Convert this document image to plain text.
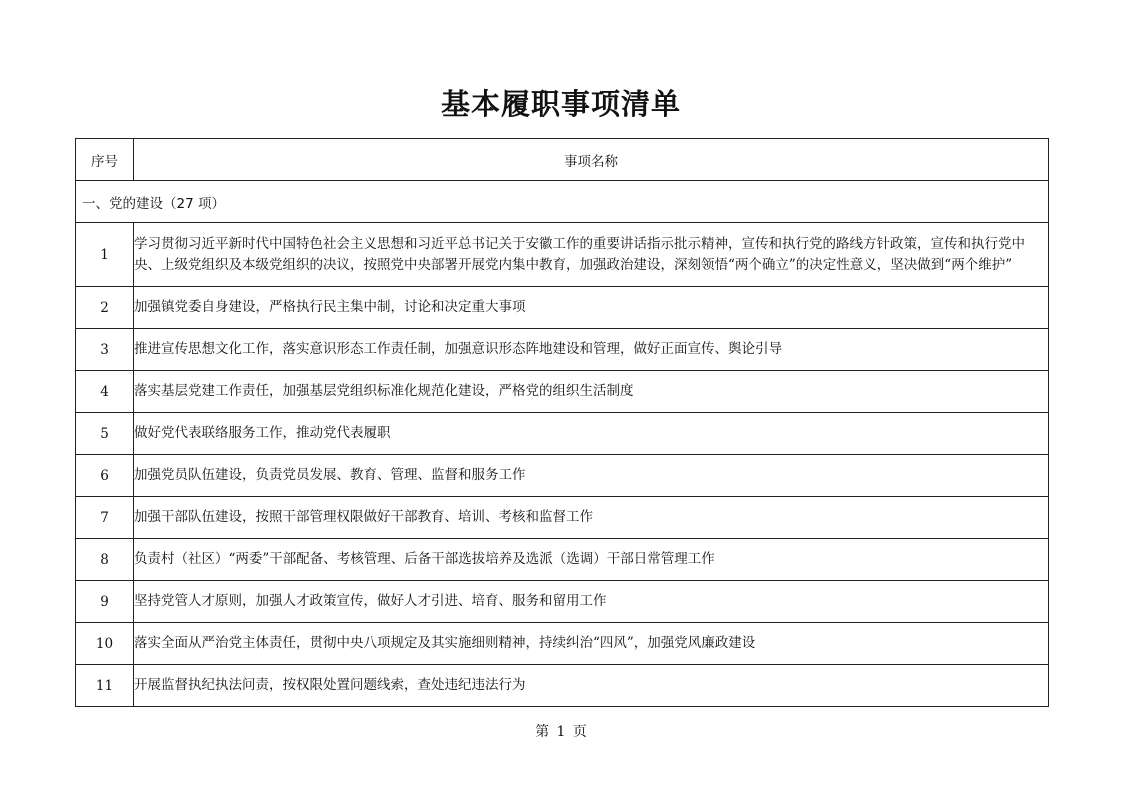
基本履职事项清单
序号	事项名称
一、党的建设（27 项）	
1	学习贯彻习近平新时代中国特色社会主义思想和习近平总书记关于安徽工作的重要讲话指示批示精神，宣传和执行党的路线方针政策，宣传和执行党中央、上级党组织及本级党组织的决议，按照党中央部署开展党内集中教育，加强政治建设，深刻领悟“两个确立”的决定性意义，坚决做到“两个维护”
2	加强镇党委自身建设，严格执行民主集中制，讨论和决定重大事项
3	推进宣传思想文化工作，落实意识形态工作责任制，加强意识形态阵地建设和管理，做好正面宣传、舆论引导
4	落实基层党建工作责任，加强基层党组织标准化规范化建设，严格党的组织生活制度
5	做好党代表联络服务工作，推动党代表履职
6	加强党员队伍建设，负责党员发展、教育、管理、监督和服务工作
7	加强干部队伍建设，按照干部管理权限做好干部教育、培训、考核和监督工作
8	负责村（社区）“两委”干部配备、考核管理、后备干部选拔培养及选派（选调）干部日常管理工作
9	坚持党管人才原则，加强人才政策宣传，做好人才引进、培育、服务和留用工作
10	落实全面从严治党主体责任，贯彻中央八项规定及其实施细则精神，持续纠治“四风”，加强党风廉政建设
11	开展监督执纪执法问责，按权限处置问题线索，查处违纪违法行为
第 1 页
